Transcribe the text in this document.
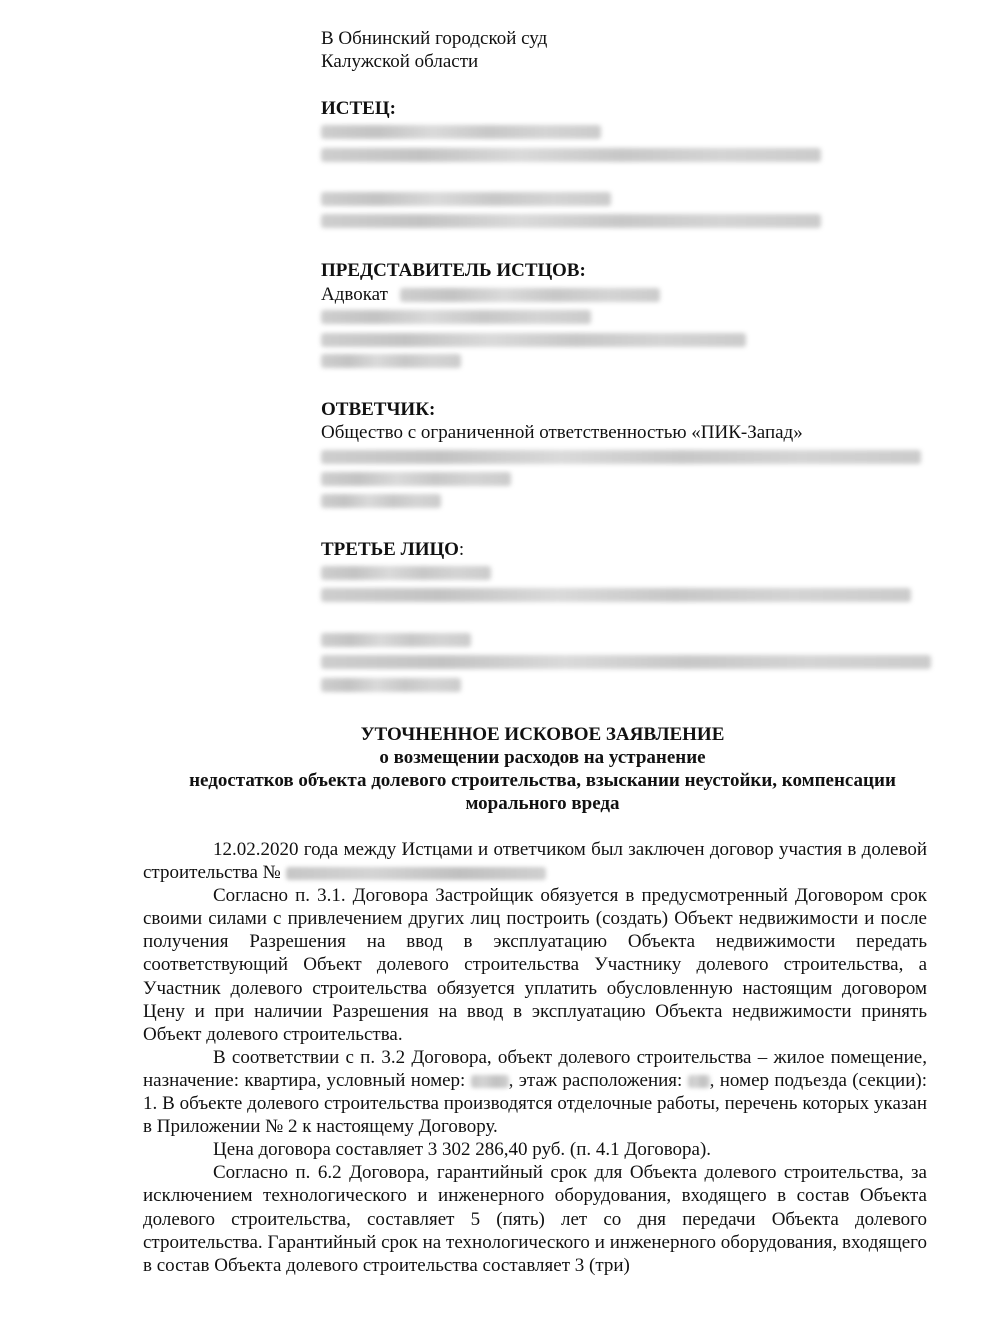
В Обнинский городской суд
Калужской области
ИСТЕЦ:
ПРЕДСТАВИТЕЛЬ ИСТЦОВ:
Адвокат
ОТВЕТЧИК:
Общество с ограниченной ответственностью «ПИК-Запад»
ТРЕТЬЕ ЛИЦО:
УТОЧНЕННОЕ ИСКОВОЕ ЗАЯВЛЕНИЕ
о возмещении расходов на устранение
недостатков объекта долевого строительства, взыскании неустойки, компенсации
морального вреда

12.02.2020 года между Истцами и ответчиком был заключен договор участия в долевой строительства №

Согласно п. 3.1. Договора Застройщик обязуется в предусмотренный Договором срок своими силами с привлечением других лиц построить (создать) Объект недвижимости и после получения Разрешения на ввод в эксплуатацию Объекта недвижимости передать соответствующий Объект долевого строительства Участнику долевого строительства, а Участник долевого строительства обязуется уплатить обусловленную настоящим договором Цену и при наличии Разрешения на ввод в эксплуатацию Объекта недвижимости принять Объект долевого строительства.

В соответствии с п. 3.2 Договора, объект долевого строительства – жилое помещение, назначение: квартира, условный номер: , этаж расположения: , номер подъезда (секции): 1. В объекте долевого строительства производятся отделочные работы, перечень которых указан в Приложении № 2 к настоящему Договору.

Цена договора составляет 3 302 286,40 руб. (п. 4.1 Договора).

Согласно п. 6.2 Договора, гарантийный срок для Объекта долевого строительства, за исключением технологического и инженерного оборудования, входящего в состав Объекта долевого строительства, составляет 5 (пять) лет со дня передачи Объекта долевого строительства. Гарантийный срок на технологического и инженерного оборудования, входящего в состав Объекта долевого строительства составляет 3 (три)
